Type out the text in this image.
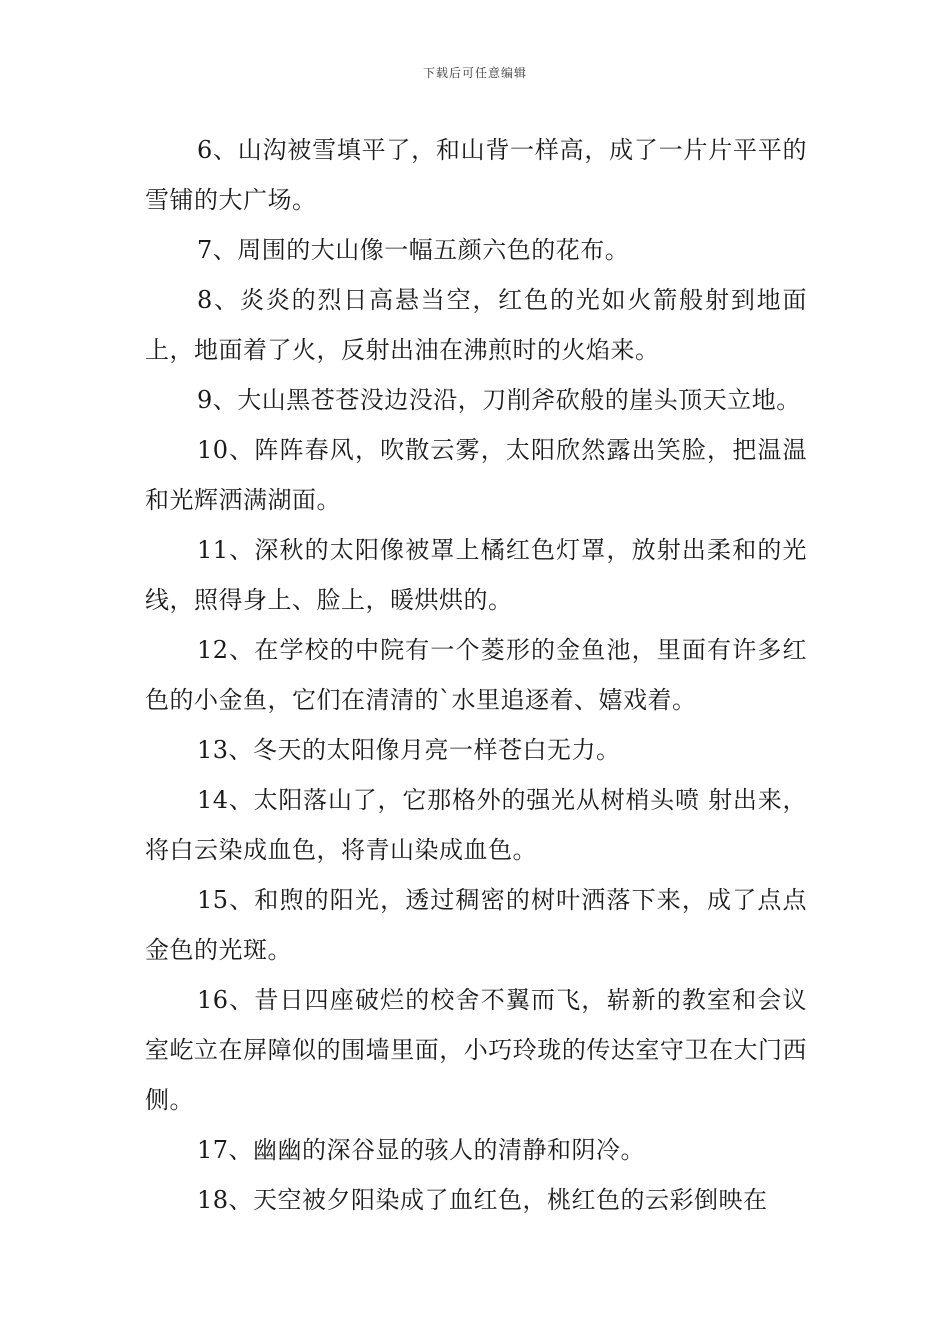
下载后可任意编辑

6、山沟被雪填平了，和山背一样高，成了一片片平平的雪铺的大广场。

7、周围的大山像一幅五颜六色的花布。

8、炎炎的烈日高悬当空，红色的光如火箭般射到地面上，地面着了火，反射出油在沸煎时的火焰来。

9、大山黑苍苍没边没沿，刀削斧砍般的崖头顶天立地。

10、阵阵春风，吹散云雾，太阳欣然露出笑脸，把温温和光辉洒满湖面。

11、深秋的太阳像被罩上橘红色灯罩，放射出柔和的光线，照得身上、脸上，暖烘烘的。

12、在学校的中院有一个菱形的金鱼池，里面有许多红色的小金鱼，它们在清清的`水里追逐着、嬉戏着。

13、冬天的太阳像月亮一样苍白无力。

14、太阳落山了，它那格外的强光从树梢头喷 射出来，将白云染成血色，将青山染成血色。

15、和煦的阳光，透过稠密的树叶洒落下来，成了点点金色的光斑。

16、昔日四座破烂的校舍不翼而飞，崭新的教室和会议室屹立在屏障似的围墙里面，小巧玲珑的传达室守卫在大门西侧。

17、幽幽的深谷显的骇人的清静和阴冷。

18、天空被夕阳染成了血红色，桃红色的云彩倒映在
